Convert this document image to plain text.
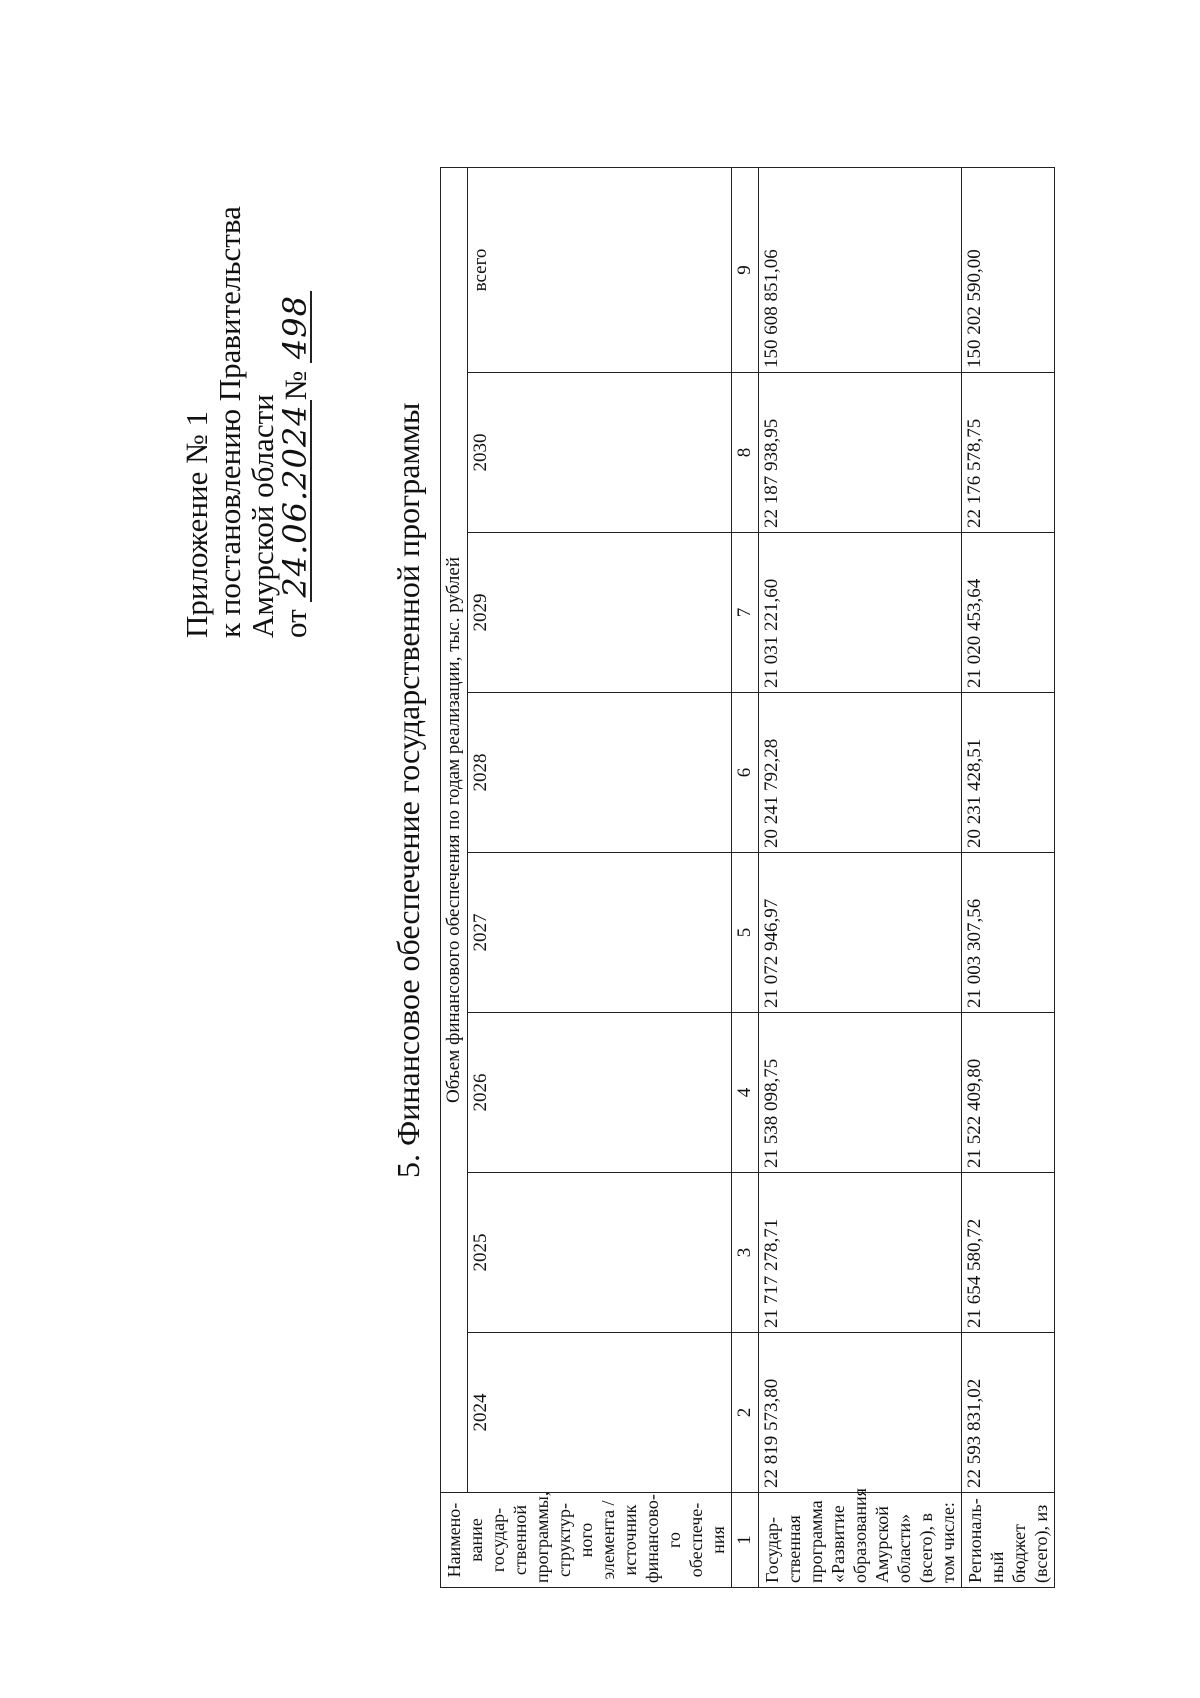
Приложение № 1
к постановлению Правительства
Амурской области
от 24.06.2024№ 498
5. Финансовое обеспечение государственной программы
Наимено-вание государ-ственной программы, структур-ного элемента / источник финансово-го обеспече-ния	Объем финансового обеспечения по годам реализации, тыс. рублей							
	2024	2025	2026	2027	2028	2029	2030	всего
1	2	3	4	5	6	7	8	9
Государ-ственная программа «Развитие образования Амурской области» (всего), в том числе:	22 819 573,80	21 717 278,71	21 538 098,75	21 072 946,97	20 241 792,28	21 031 221,60	22 187 938,95	150 608 851,06
Региональ-ный бюджет (всего), из	22 593 831,02	21 654 580,72	21 522 409,80	21 003 307,56	20 231 428,51	21 020 453,64	22 176 578,75	150 202 590,00
